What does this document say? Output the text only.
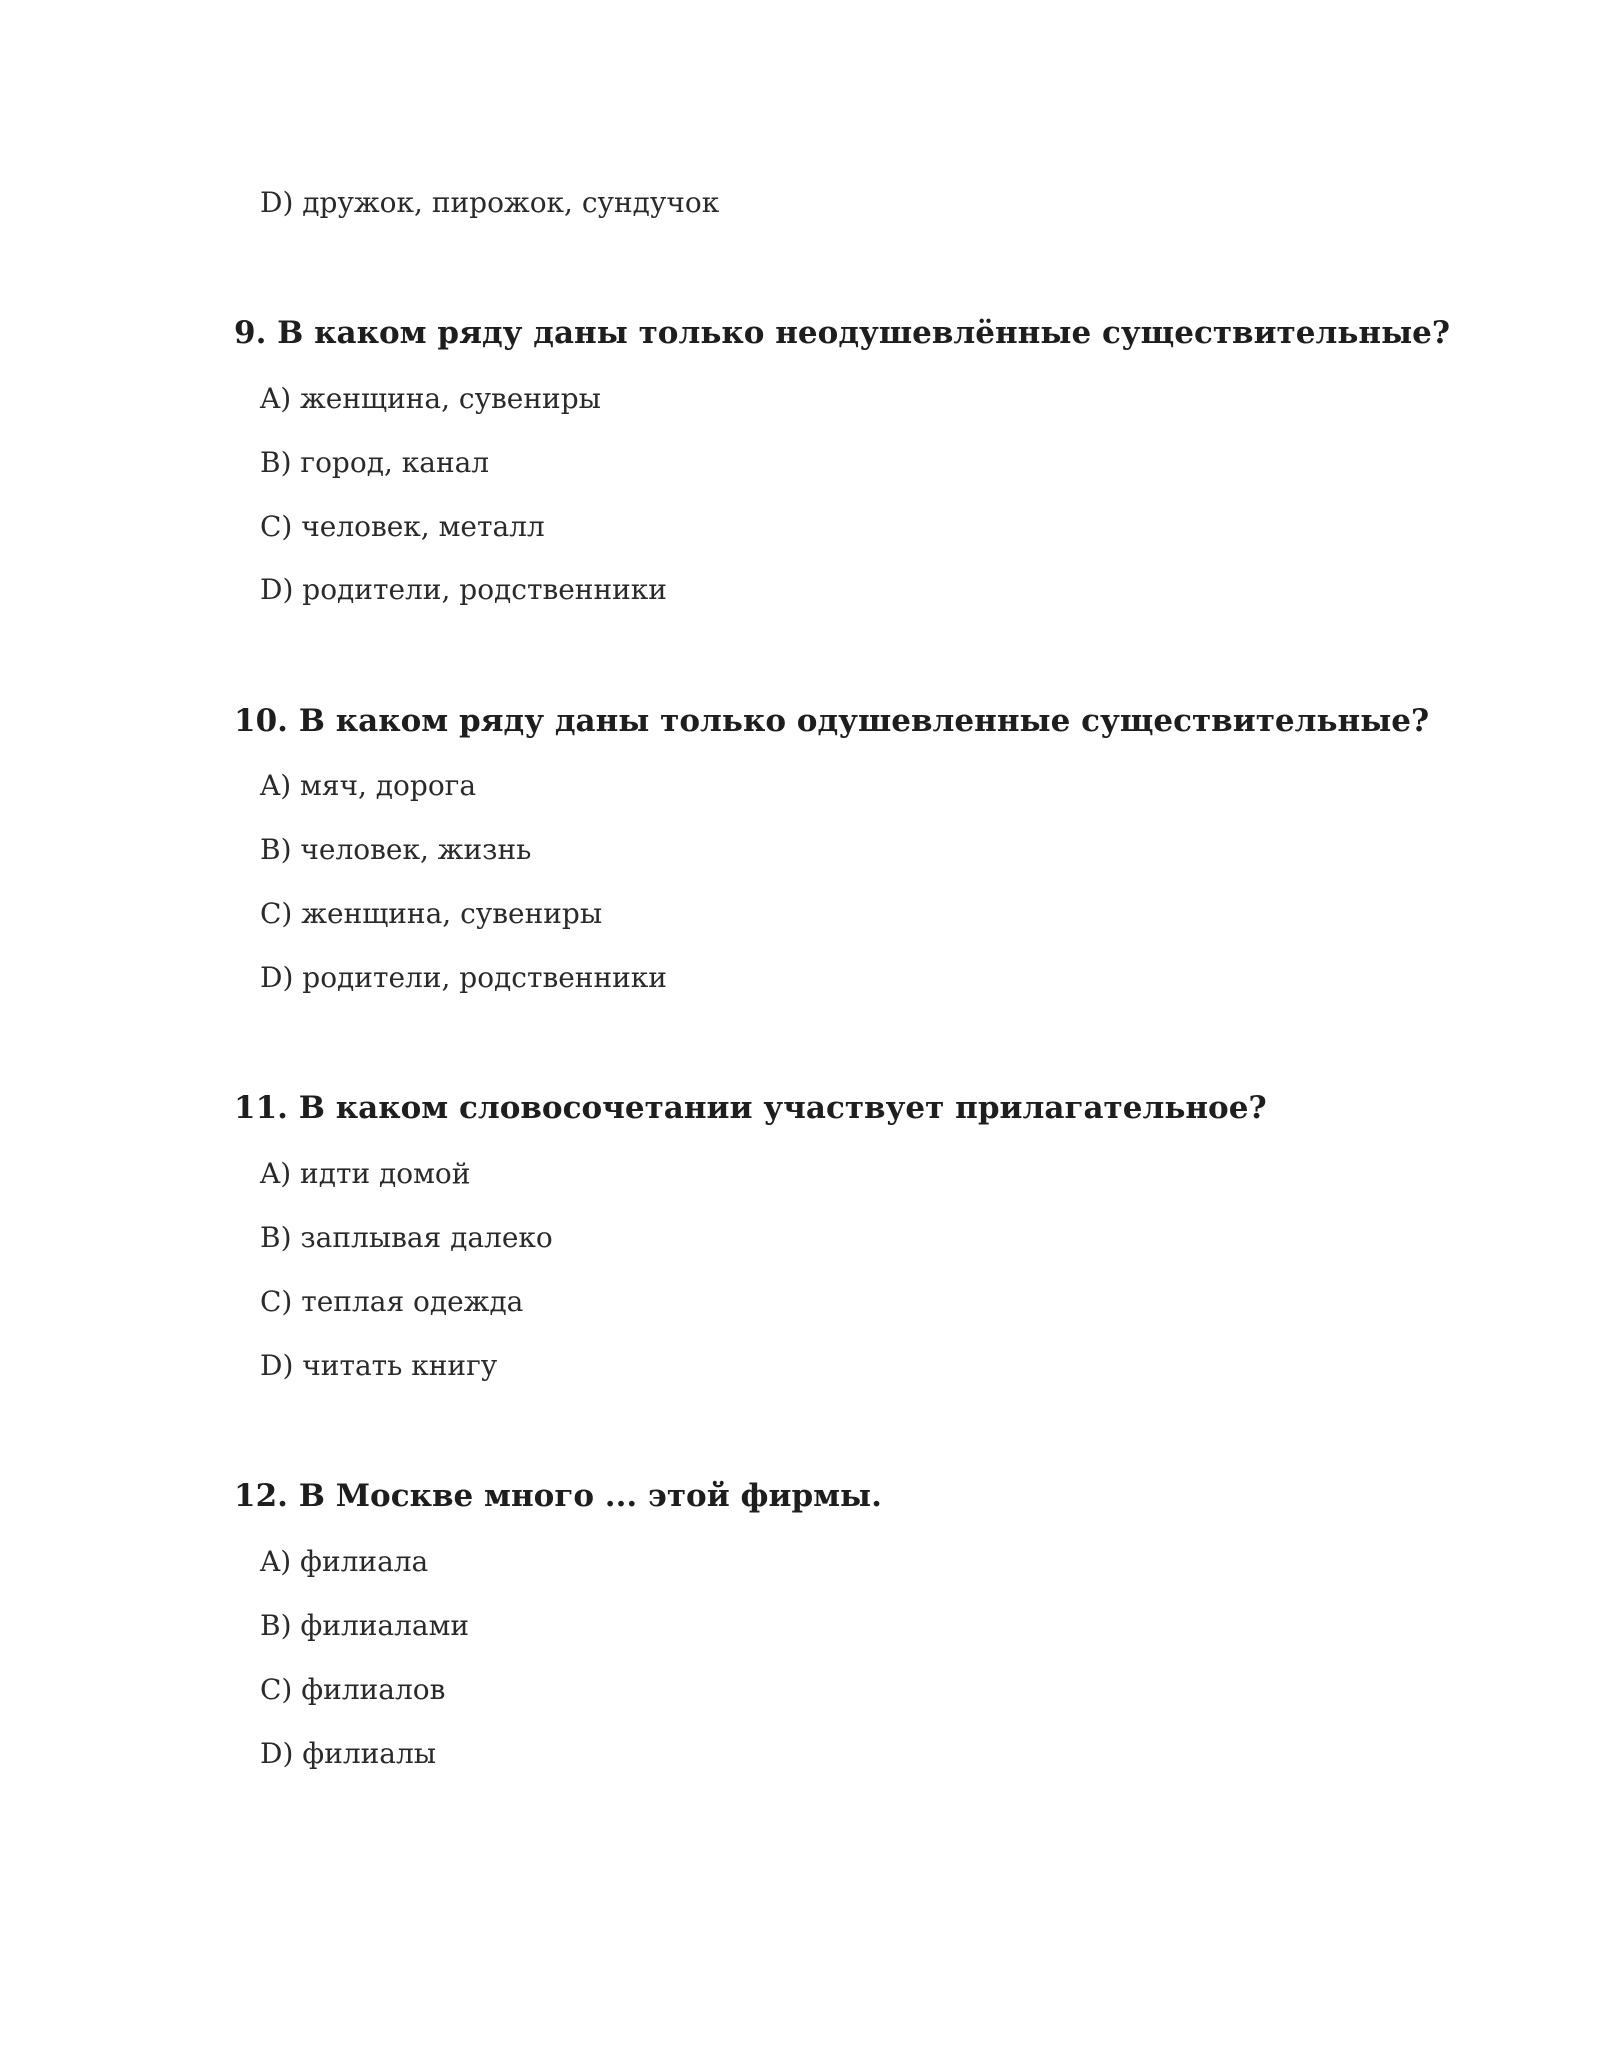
D) дружок, пирожок, сундучок
9. В каком ряду даны только неодушевлённые существительные?
A) женщина, сувениры
B) город, канал
C) человек, металл
D) родители, родственники
10. В каком ряду даны только одушевленные существительные?
A) мяч, дорога
B) человек, жизнь
C) женщина, сувениры
D) родители, родственники
11. В каком словосочетании участвует прилагательное?
A) идти домой
B) заплывая далеко
C) теплая одежда
D) читать книгу
12. В Москве много ... этой фирмы.
A) филиала
B) филиалами
C) филиалов
D) филиалы
